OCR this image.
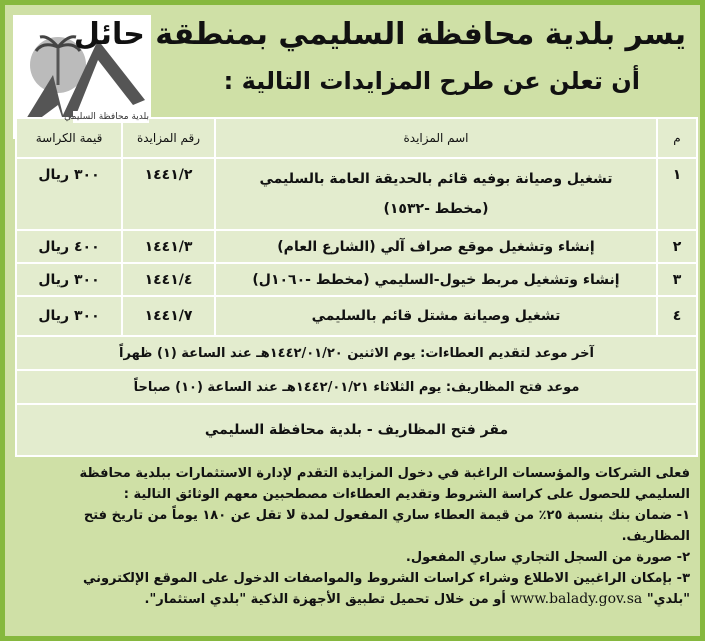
بلدية محافظة السليمي
يسر بلدية محافظة السليمي بمنطقة حائل
أن تعلن عن طرح المزايدات التالية :
م
اسم المزايدة
رقم المزايدة
قيمة الكراسة
١
تشغيل وصيانة بوفيه قائم بالحديقة العامة بالسليمي
(مخطط -١٥٣٢)
١٤٤١/٢
٣٠٠ ريال
٢
إنشاء وتشغيل موقع صراف آلي (الشارع العام)
١٤٤١/٣
٤٠٠ ريال
٣
إنشاء وتشغيل مربط خيول-السليمي (مخطط -١٠٦٠ل)
١٤٤١/٤
٣٠٠ ريال
٤
تشغيل وصيانة مشتل قائم بالسليمي
١٤٤١/٧
٣٠٠ ريال
آخر موعد لتقديم العطاءات: يوم الاثنين ١٤٤٢/٠١/٢٠هـ عند الساعة (١) ظهراً
موعد فتح المظاريف: يوم الثلاثاء ١٤٤٢/٠١/٢١هـ عند الساعة (١٠) صباحاً
مقر فتح المظاريف - بلدية محافظة السليمي
فعلى الشركات والمؤسسات الراغبة في دخول المزايدة التقدم لإدارة الاستثمارات ببلدية محافظة
السليمي للحصول على كراسة الشروط وتقديم العطاءات مصطحبين معهم الوثائق التالية :
١- ضمان بنك بنسبة ٢٥٪ من قيمة العطاء ساري المفعول لمدة لا تقل عن ١٨٠ يوماً من تاريخ فتح
المظاريف.
٢- صورة من السجل التجاري ساري المفعول.
٣- بإمكان الراغبين الاطلاع وشراء كراسات الشروط والمواصفات الدخول على الموقع الإلكتروني
"بلدي" www.balady.gov.sa أو من خلال تحميل تطبيق الأجهزة الذكية "بلدي استثمار".
